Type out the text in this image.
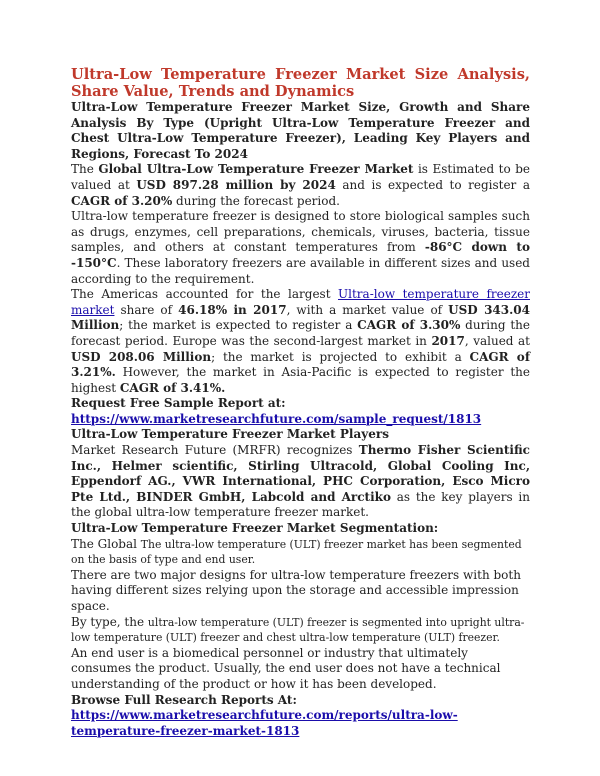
Ultra-Low Temperature Freezer Market Size Analysis, Share Value, Trends and Dynamics

Ultra-Low Temperature Freezer Market Size, Growth and Share Analysis By Type (Upright Ultra-Low Temperature Freezer and Chest Ultra-Low Temperature Freezer), Leading Key Players and Regions, Forecast To 2024

The Global Ultra-Low Temperature Freezer Market is Estimated to be valued at USD 897.28 million by 2024 and is expected to register a CAGR of 3.20% during the forecast period.

Ultra-low temperature freezer is designed to store biological samples such as drugs, enzymes, cell preparations, chemicals, viruses, bacteria, tissue samples, and others at constant temperatures from -86°C down to -150°C. These laboratory freezers are available in different sizes and used according to the requirement.

The Americas accounted for the largest Ultra-low temperature freezer market share of 46.18% in 2017, with a market value of USD 343.04 Million; the market is expected to register a CAGR of 3.30% during the forecast period. Europe was the second-largest market in 2017, valued at USD 208.06 Million; the market is projected to exhibit a CAGR of 3.21%. However, the market in Asia-Pacific is expected to register the highest CAGR of 3.41%.

Request Free Sample Report at:

https://www.marketresearchfuture.com/sample_request/1813

Ultra-Low Temperature Freezer Market Players

Market Research Future (MRFR) recognizes Thermo Fisher Scientific Inc., Helmer scientific, Stirling Ultracold, Global Cooling Inc, Eppendorf AG., VWR International, PHC Corporation, Esco Micro Pte Ltd., BINDER GmbH, Labcold and Arctiko as the key players in the global ultra-low temperature freezer market.

Ultra-Low Temperature Freezer Market Segmentation:

The Global The ultra-low temperature (ULT) freezer market has been segmented on the basis of type and end user.

There are two major designs for ultra-low temperature freezers with both having different sizes relying upon the storage and accessible impression space.

By type, the ultra-low temperature (ULT) freezer is segmented into upright ultra-low temperature (ULT) freezer and chest ultra-low temperature (ULT) freezer.

An end user is a biomedical personnel or industry that ultimately consumes the product. Usually, the end user does not have a technical understanding of the product or how it has been developed.

Browse Full Research Reports At:

https://www.marketresearchfuture.com/reports/ultra-low-temperature-freezer-market-1813
